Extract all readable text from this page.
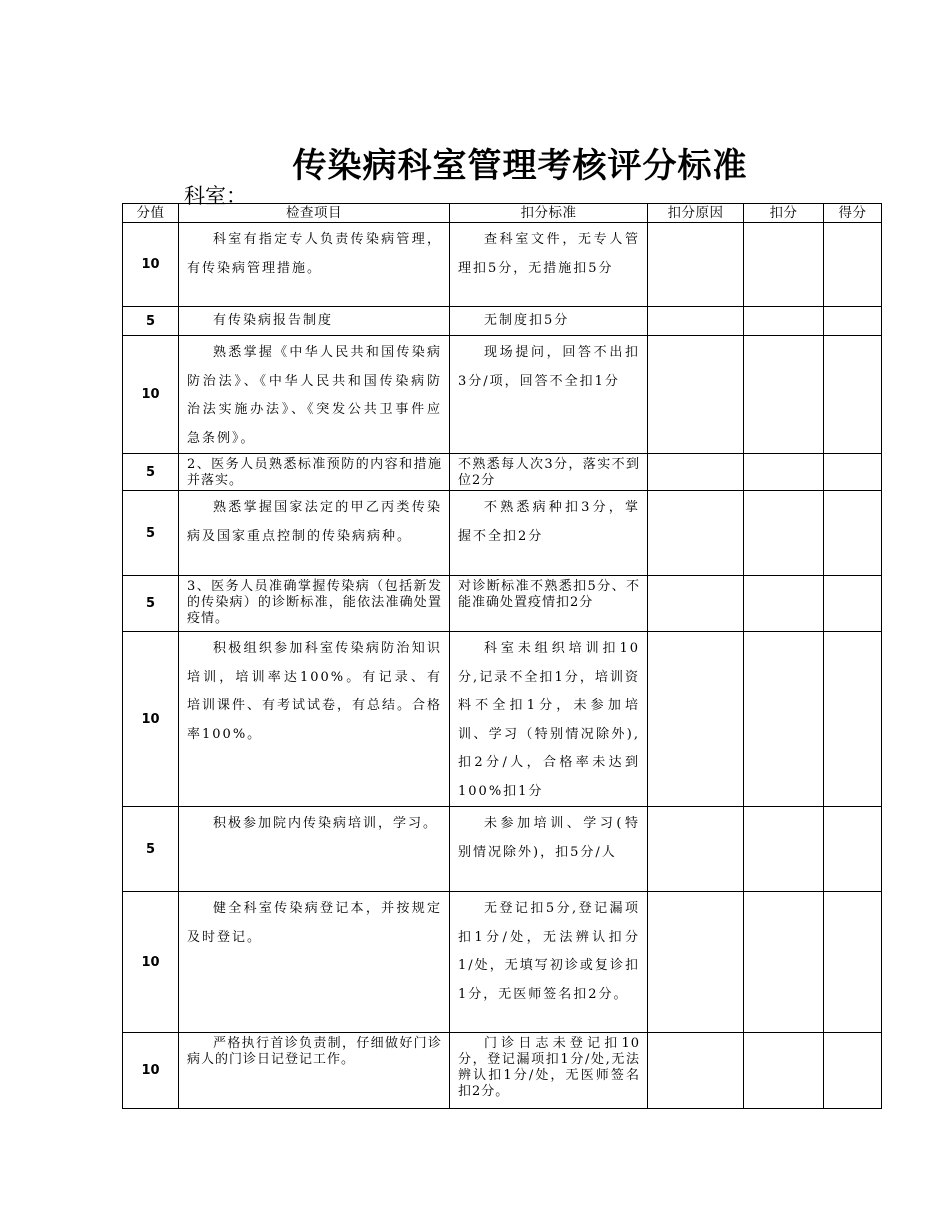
传染病科室管理考核评分标准
科室：
分值	检查项目	扣分标准	扣分原因	扣分	得分
10	科室有指定专人负责传染病管理，有传染病管理措施。	查科室文件，无专人管理扣5分，无措施扣5分			
5	有传染病报告制度	无制度扣5分			
10	熟悉掌握《中华人民共和国传染病防治法》、《中华人民共和国传染病防治法实施办法》、《突发公共卫事件应急条例》。	现场提问，回答不出扣3分/项，回答不全扣1分			
5	2、医务人员熟悉标准预防的内容和措施并落实。	不熟悉每人次3分，落实不到位2分			
5	熟悉掌握国家法定的甲乙丙类传染病及国家重点控制的传染病病种。	不熟悉病种扣3分，掌握不全扣2分			
5	3、医务人员准确掌握传染病（包括新发的传染病）的诊断标准，能依法准确处置疫情。	对诊断标准不熟悉扣5分、不能准确处置疫情扣2分			
10	积极组织参加科室传染病防治知识培训，培训率达100%。有记录、有培训课件、有考试试卷，有总结。合格率100%。	科室未组织培训扣10分,记录不全扣1分，培训资料不全扣1分，未参加培训、学习（特别情况除外),扣2分/人，合格率未达到100%扣1分			
5	积极参加院内传染病培训，学习。	未参加培训、学习(特别情况除外)，扣5分/人			
10	健全科室传染病登记本，并按规定及时登记。	无登记扣5分,登记漏项扣1分/处，无法辨认扣分1/处，无填写初诊或复诊扣1分，无医师签名扣2分。			
10	严格执行首诊负责制，仔细做好门诊病人的门诊日记登记工作。	门诊日志未登记扣10分，登记漏项扣1分/处,无法辨认扣1分/处，无医师签名扣2分。			
